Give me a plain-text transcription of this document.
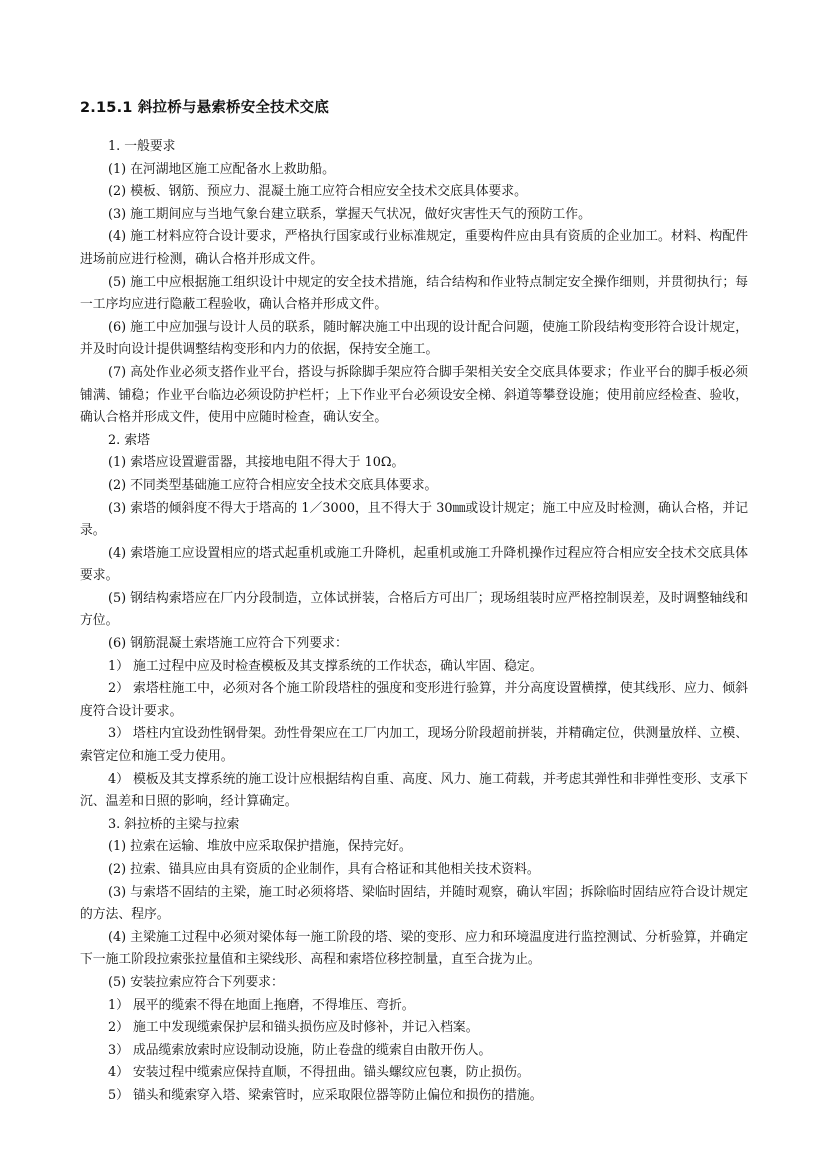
2.15.1 斜拉桥与悬索桥安全技术交底

1. 一般要求

(1) 在河湖地区施工应配备水上救助船。

(2) 模板、钢筋、预应力、混凝土施工应符合相应安全技术交底具体要求。

(3) 施工期间应与当地气象台建立联系，掌握天气状况，做好灾害性天气的预防工作。

(4) 施工材料应符合设计要求，严格执行国家或行业标准规定，重要构件应由具有资质的企业加工。材料、构配件进场前应进行检测，确认合格并形成文件。

(5) 施工中应根据施工组织设计中规定的安全技术措施，结合结构和作业特点制定安全操作细则，并贯彻执行；每一工序均应进行隐蔽工程验收，确认合格并形成文件。

(6) 施工中应加强与设计人员的联系，随时解决施工中出现的设计配合问题，使施工阶段结构变形符合设计规定，并及时向设计提供调整结构变形和内力的依据，保持安全施工。

(7) 高处作业必须支搭作业平台，搭设与拆除脚手架应符合脚手架相关安全交底具体要求；作业平台的脚手板必须铺满、铺稳；作业平台临边必须设防护栏杆；上下作业平台必须设安全梯、斜道等攀登设施；使用前应经检查、验收，确认合格并形成文件，使用中应随时检查，确认安全。

2. 索塔

(1) 索塔应设置避雷器，其接地电阻不得大于 10Ω。

(2) 不同类型基础施工应符合相应安全技术交底具体要求。

(3) 索塔的倾斜度不得大于塔高的 1／3000，且不得大于 30㎜或设计规定；施工中应及时检测，确认合格，并记录。

(4) 索塔施工应设置相应的塔式起重机或施工升降机，起重机或施工升降机操作过程应符合相应安全技术交底具体要求。

(5) 钢结构索塔应在厂内分段制造，立体试拼装，合格后方可出厂；现场组装时应严格控制误差，及时调整轴线和方位。

(6) 钢筋混凝土索塔施工应符合下列要求：

1） 施工过程中应及时检查模板及其支撑系统的工作状态，确认牢固、稳定。

2） 索塔柱施工中，必须对各个施工阶段塔柱的强度和变形进行验算，并分高度设置横撑，使其线形、应力、倾斜度符合设计要求。

3） 塔柱内宜设劲性钢骨架。劲性骨架应在工厂内加工，现场分阶段超前拼装，并精确定位，供测量放样、立模、索管定位和施工受力使用。

4） 模板及其支撑系统的施工设计应根据结构自重、高度、风力、施工荷载，并考虑其弹性和非弹性变形、支承下沉、温差和日照的影响，经计算确定。

3. 斜拉桥的主梁与拉索

(1) 拉索在运输、堆放中应采取保护措施，保持完好。

(2) 拉索、锚具应由具有资质的企业制作，具有合格证和其他相关技术资料。

(3) 与索塔不固结的主梁，施工时必须将塔、梁临时固结，并随时观察，确认牢固；拆除临时固结应符合设计规定的方法、程序。

(4) 主梁施工过程中必须对梁体每一施工阶段的塔、梁的变形、应力和环境温度进行监控测试、分析验算，并确定下一施工阶段拉索张拉量值和主梁线形、高程和索塔位移控制量，直至合拢为止。

(5) 安装拉索应符合下列要求：

1） 展平的缆索不得在地面上拖磨，不得堆压、弯折。

2） 施工中发现缆索保护层和锚头损伤应及时修补，并记入档案。

3） 成品缆索放索时应设制动设施，防止卷盘的缆索自由散开伤人。

4） 安装过程中缆索应保持直顺，不得扭曲。锚头螺纹应包裹，防止损伤。

5） 锚头和缆索穿入塔、梁索管时，应采取限位器等防止偏位和损伤的措施。
